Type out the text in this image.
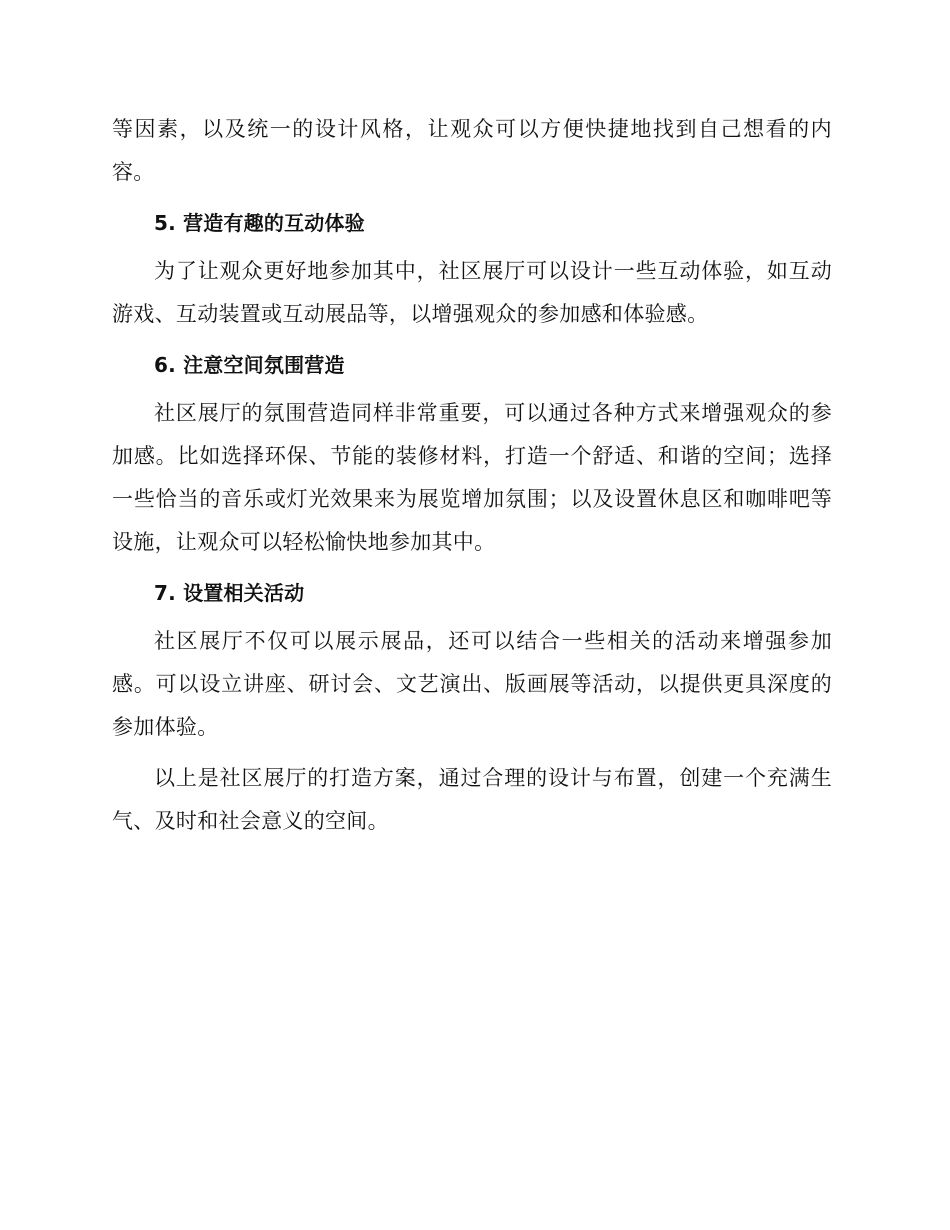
等因素，以及统一的设计风格，让观众可以方便快捷地找到自己想看的内容。

5. 营造有趣的互动体验

为了让观众更好地参加其中，社区展厅可以设计一些互动体验，如互动游戏、互动装置或互动展品等，以增强观众的参加感和体验感。

6. 注意空间氛围营造

社区展厅的氛围营造同样非常重要，可以通过各种方式来增强观众的参加感。比如选择环保、节能的装修材料，打造一个舒适、和谐的空间；选择一些恰当的音乐或灯光效果来为展览增加氛围；以及设置休息区和咖啡吧等设施，让观众可以轻松愉快地参加其中。

7. 设置相关活动

社区展厅不仅可以展示展品，还可以结合一些相关的活动来增强参加感。可以设立讲座、研讨会、文艺演出、版画展等活动，以提供更具深度的参加体验。

以上是社区展厅的打造方案，通过合理的设计与布置，创建一个充满生气、及时和社会意义的空间。
